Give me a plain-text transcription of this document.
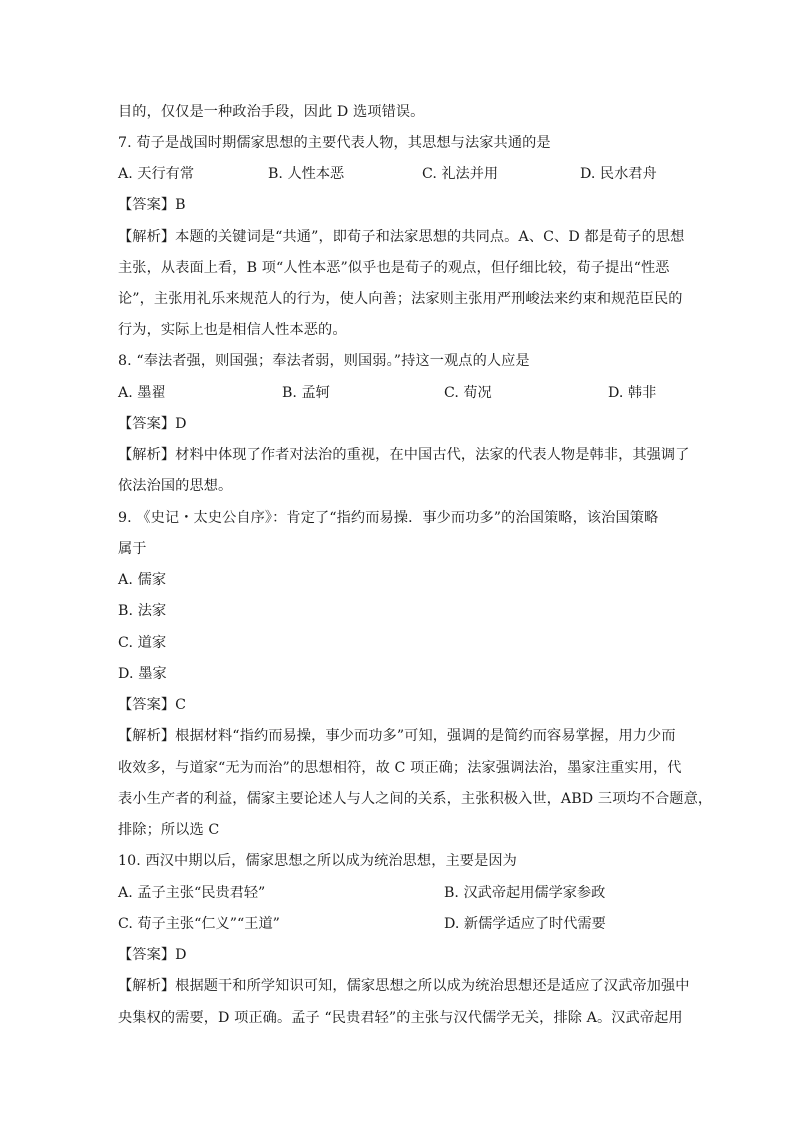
目的，仅仅是一种政治手段，因此 D 选项错误。
7. 荀子是战国时期儒家思想的主要代表人物，其思想与法家共通的是
A. 天行有常	B. 人性本恶	C. 礼法并用	D. 民水君舟
【答案】B
【解析】本题的关键词是“共通”，即荀子和法家思想的共同点。A、C、D 都是荀子的思想
主张，从表面上看，B 项“人性本恶”似乎也是荀子的观点，但仔细比较，荀子提出“性恶
论”，主张用礼乐来规范人的行为，使人向善；法家则主张用严刑峻法来约束和规范臣民的
行为，实际上也是相信人性本恶的。
8. “奉法者强，则国强；奉法者弱，则国弱。”持这一观点的人应是
A. 墨翟	B. 孟轲	C. 荀况	D. 韩非
【答案】D
【解析】材料中体现了作者对法治的重视，在中国古代，法家的代表人物是韩非，其强调了
依法治国的思想。
9. 《史记・太史公自序》：肯定了“指约而易操．事少而功多”的治国策略，该治国策略
属于
A. 儒家
B. 法家
C. 道家
D. 墨家
【答案】C
【解析】根据材料“指约而易操，事少而功多”可知，强调的是简约而容易掌握，用力少而
收效多，与道家“无为而治”的思想相符，故 C 项正确；法家强调法治，墨家注重实用，代
表小生产者的利益，儒家主要论述人与人之间的关系，主张积极入世，ABD 三项均不合题意，
排除；所以选 C
10. 西汉中期以后，儒家思想之所以成为统治思想，主要是因为
A. 孟子主张“民贵君轻”	B. 汉武帝起用儒学家参政
C. 荀子主张“仁义”“王道”	D. 新儒学适应了时代需要
【答案】D
【解析】根据题干和所学知识可知，儒家思想之所以成为统治思想还是适应了汉武帝加强中
央集权的需要，D 项正确。孟子 “民贵君轻”的主张与汉代儒学无关，排除 A。汉武帝起用
